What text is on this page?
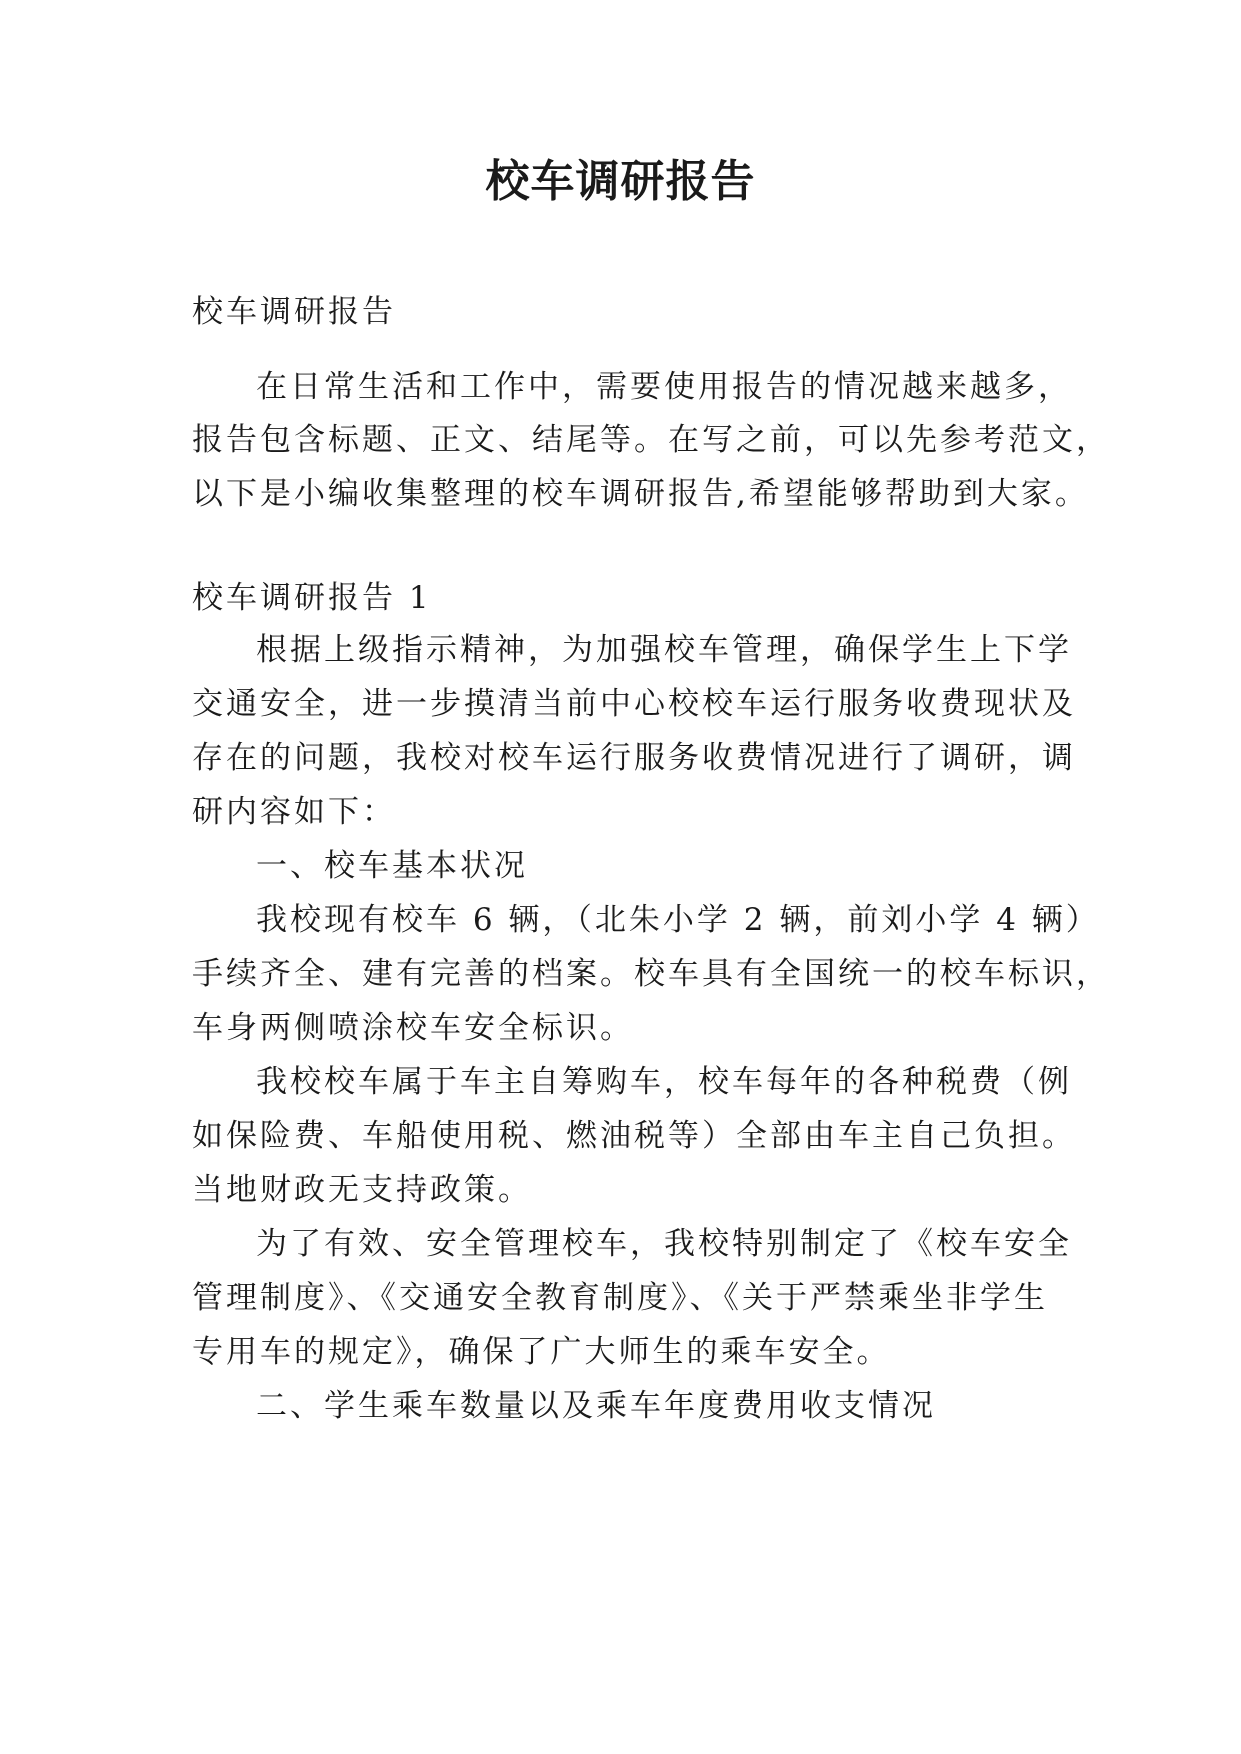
校车调研报告
校车调研报告
在日常生活和工作中，需要使用报告的情况越来越多，
报告包含标题、正文、结尾等。在写之前，可以先参考范文，
以下是小编收集整理的校车调研报告,希望能够帮助到大家。
校车调研报告 1
根据上级指示精神，为加强校车管理，确保学生上下学
交通安全，进一步摸清当前中心校校车运行服务收费现状及
存在的问题，我校对校车运行服务收费情况进行了调研，调
研内容如下：
一、校车基本状况
我校现有校车 6 辆，（北朱小学 2 辆，前刘小学 4 辆）
手续齐全、建有完善的档案。校车具有全国统一的校车标识，
车身两侧喷涂校车安全标识。
我校校车属于车主自筹购车，校车每年的各种税费（例
如保险费、车船使用税、燃油税等）全部由车主自己负担。
当地财政无支持政策。
为了有效、安全管理校车，我校特别制定了《校车安全
管理制度》、《交通安全教育制度》、《关于严禁乘坐非学生
专用车的规定》，确保了广大师生的乘车安全。
二、学生乘车数量以及乘车年度费用收支情况
